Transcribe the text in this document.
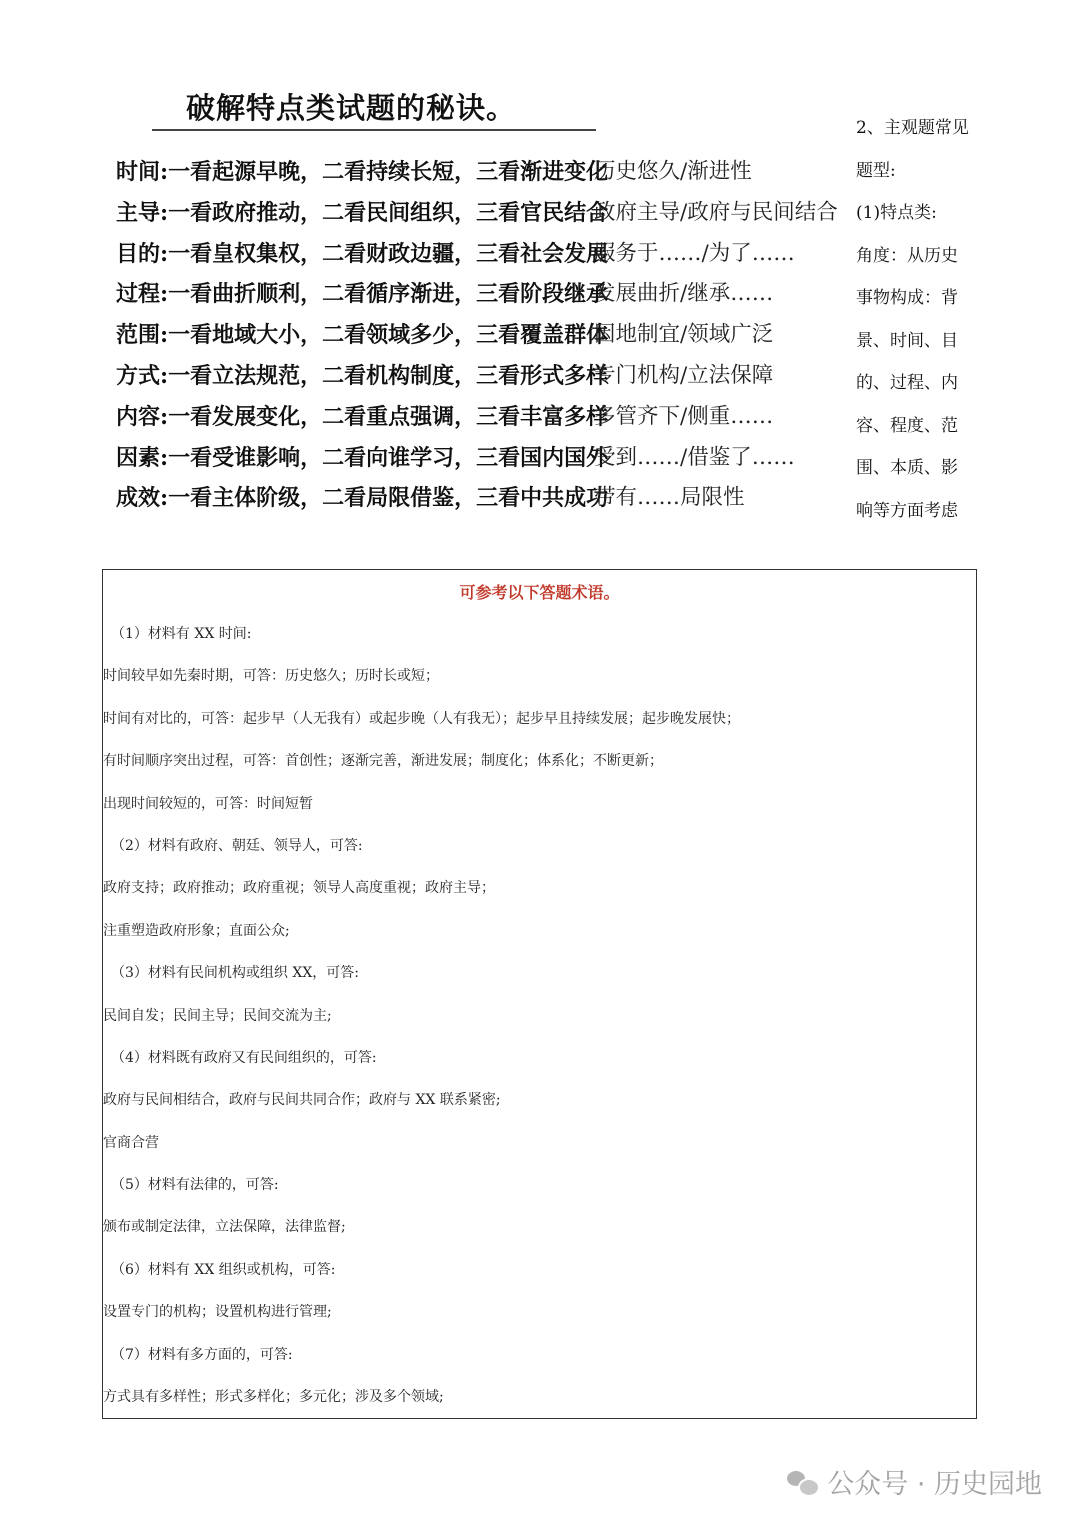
破解特点类试题的秘诀。
时间:一看起源早晚，二看持续长短，三看渐进变化
历史悠久/渐进性
主导:一看政府推动，二看民间组织，三看官民结合
政府主导/政府与民间结合
目的:一看皇权集权，二看财政边疆，三看社会发展
服务于……/为了……
过程:一看曲折顺利，二看循序渐进，三看阶段继承
发展曲折/继承……
范围:一看地域大小，二看领域多少，三看覆盖群体
因地制宜/领域广泛
方式:一看立法规范，二看机构制度，三看形式多样
专门机构/立法保障
内容:一看发展变化，二看重点强调，三看丰富多样
多管齐下/侧重……
因素:一看受谁影响，二看向谁学习，三看国内国外
受到……/借鉴了……
成效:一看主体阶级，二看局限借鉴，三看中共成功
带有……局限性
2、主观题常见
题型:
(1)特点类:
角度：从历史
事物构成：背
景、时间、目
的、过程、内
容、程度、范
围、本质、影
响等方面考虑
可参考以下答题术语。
（1）材料有 XX 时间:
时间较早如先秦时期，可答：历史悠久；历时长或短；
时间有对比的，可答：起步早（人无我有）或起步晚（人有我无）；起步早且持续发展；起步晚发展快；
有时间顺序突出过程，可答：首创性；逐渐完善，渐进发展；制度化；体系化；不断更新；
出现时间较短的，可答：时间短暂
（2）材料有政府、朝廷、领导人，可答:
政府支持；政府推动；政府重视；领导人高度重视；政府主导；
注重塑造政府形象；直面公众;
（3）材料有民间机构或组织 XX，可答:
民间自发；民间主导；民间交流为主;
（4）材料既有政府又有民间组织的，可答:
政府与民间相结合，政府与民间共同合作；政府与 XX 联系紧密;
官商合营
（5）材料有法律的，可答:
颁布或制定法律，立法保障，法律监督;
（6）材料有 XX 组织或机构，可答:
设置专门的机构；设置机构进行管理;
（7）材料有多方面的，可答:
方式具有多样性；形式多样化；多元化；涉及多个领域;
公众号 · 历史园地
